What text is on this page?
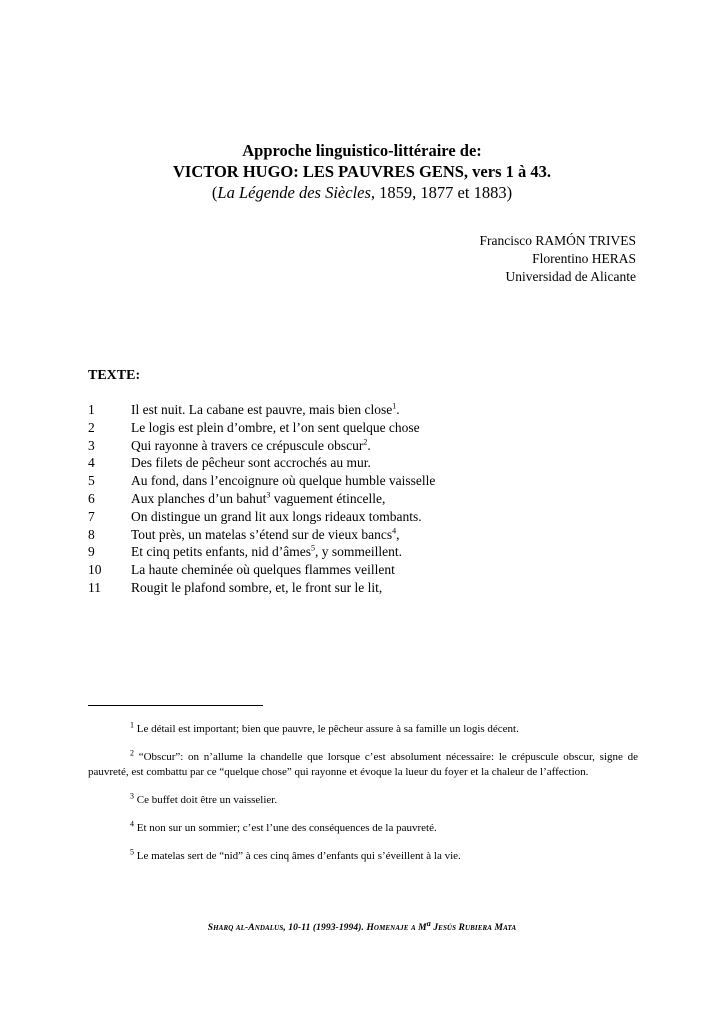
Approche linguistico-littéraire de:
VICTOR HUGO: LES PAUVRES GENS, vers 1 à 43.
(La Légende des Siècles, 1859, 1877 et 1883)
Francisco RAMÓN TRIVES
Florentino HERAS
Universidad de Alicante
TEXTE:
1	Il est nuit. La cabane est pauvre, mais bien close$^1$.
2	Le logis est plein d’ombre, et l’on sent quelque chose
3	Qui rayonne à travers ce crépuscule obscur$^2$.
4	Des filets de pêcheur sont accrochés au mur.
5	Au fond, dans l’encoignure où quelque humble vaisselle
6	Aux planches d’un bahut$^3$ vaguement étincelle,
7	On distingue un grand lit aux longs rideaux tombants.
8	Tout près, un matelas s’étend sur de vieux bancs$^4$,
9	Et cinq petits enfants, nid d’âmes$^5$, y sommeillent.
10	La haute cheminée où quelques flammes veillent
11	Rougit le plafond sombre, et, le front sur le lit,

$^1$ Le détail est important; bien que pauvre, le pêcheur assure à sa famille un logis décent.

$^2$ “Obscur”: on n’allume la chandelle que lorsque c’est absolument nécessaire: le crépuscule obscur, signe de pauvreté, est combattu par ce “quelque chose” qui rayonne et évoque la lueur du foyer et la chaleur de l’affection.

$^3$ Ce buffet doit être un vaisselier.

$^4$ Et non sur un sommier; c’est l’une des conséquences de la pauvreté.

$^5$ Le matelas sert de “nid” à ces cinq âmes d’enfants qui s’éveillent à la vie.

Sharq al-Andalus, 10-11 (1993-1994). Homenaje a $M^a$ Jesús Rubiera Mata
